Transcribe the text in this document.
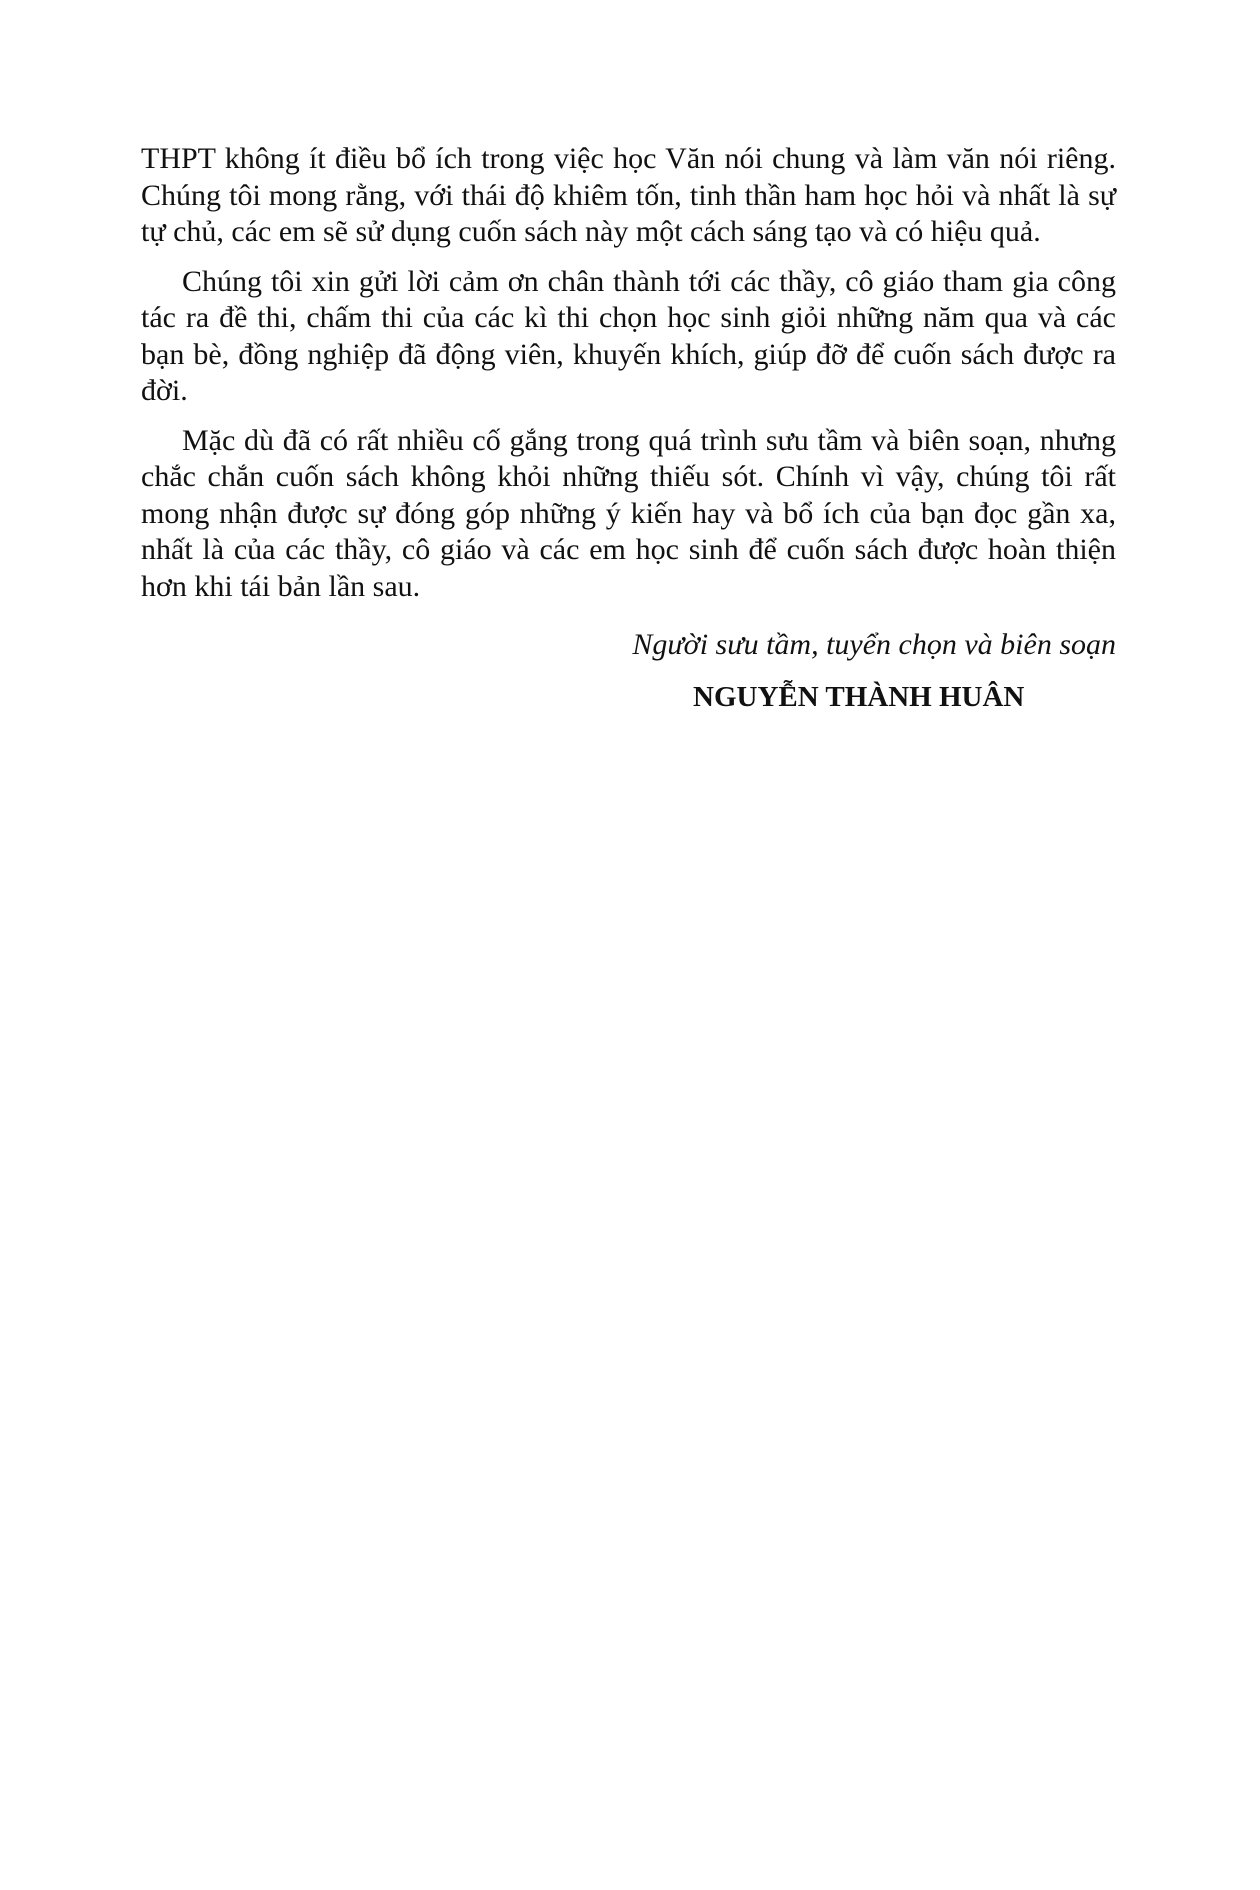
THPT không ít điều bổ ích trong việc học Văn nói chung và làm văn nói riêng. Chúng tôi mong rằng, với thái độ khiêm tốn, tinh thần ham học hỏi và nhất là sự tự chủ, các em sẽ sử dụng cuốn sách này một cách sáng tạo và có hiệu quả.

Chúng tôi xin gửi lời cảm ơn chân thành tới các thầy, cô giáo tham gia công tác ra đề thi, chấm thi của các kì thi chọn học sinh giỏi những năm qua và các bạn bè, đồng nghiệp đã động viên, khuyến khích, giúp đỡ để cuốn sách được ra đời.

Mặc dù đã có rất nhiều cố gắng trong quá trình sưu tầm và biên soạn, nhưng chắc chắn cuốn sách không khỏi những thiếu sót. Chính vì vậy, chúng tôi rất mong nhận được sự đóng góp những ý kiến hay và bổ ích của bạn đọc gần xa, nhất là của các thầy, cô giáo và các em học sinh để cuốn sách được hoàn thiện hơn khi tái bản lần sau.

Người sưu tầm, tuyển chọn và biên soạn

NGUYỄN THÀNH HUÂN
